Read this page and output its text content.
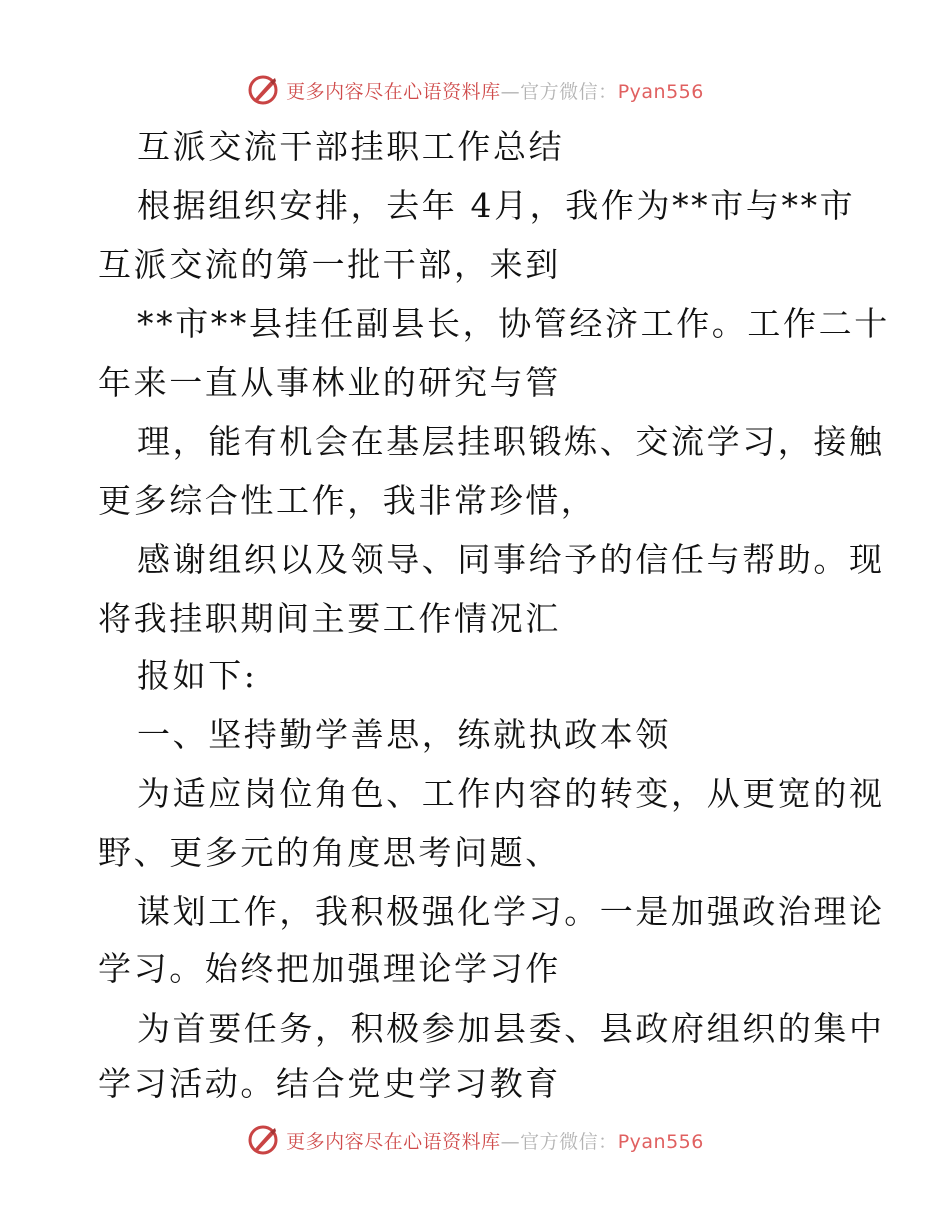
更多内容尽在心语资料库—官方微信：Pyan556
互派交流干部挂职工作总结
根据组织安排，去年 4月，我作为**市与**市
互派交流的第一批干部，来到
**市**县挂任副县长，协管经济工作。工作二十
年来一直从事林业的研究与管
理，能有机会在基层挂职锻炼、交流学习，接触
更多综合性工作，我非常珍惜，
感谢组织以及领导、同事给予的信任与帮助。现
将我挂职期间主要工作情况汇
报如下:
一、坚持勤学善思，练就执政本领
为适应岗位角色、工作内容的转变，从更宽的视
野、更多元的角度思考问题、
谋划工作，我积极强化学习。一是加强政治理论
学习。始终把加强理论学习作
为首要任务，积极参加县委、县政府组织的集中
学习活动。结合党史学习教育
更多内容尽在心语资料库—官方微信：Pyan556
